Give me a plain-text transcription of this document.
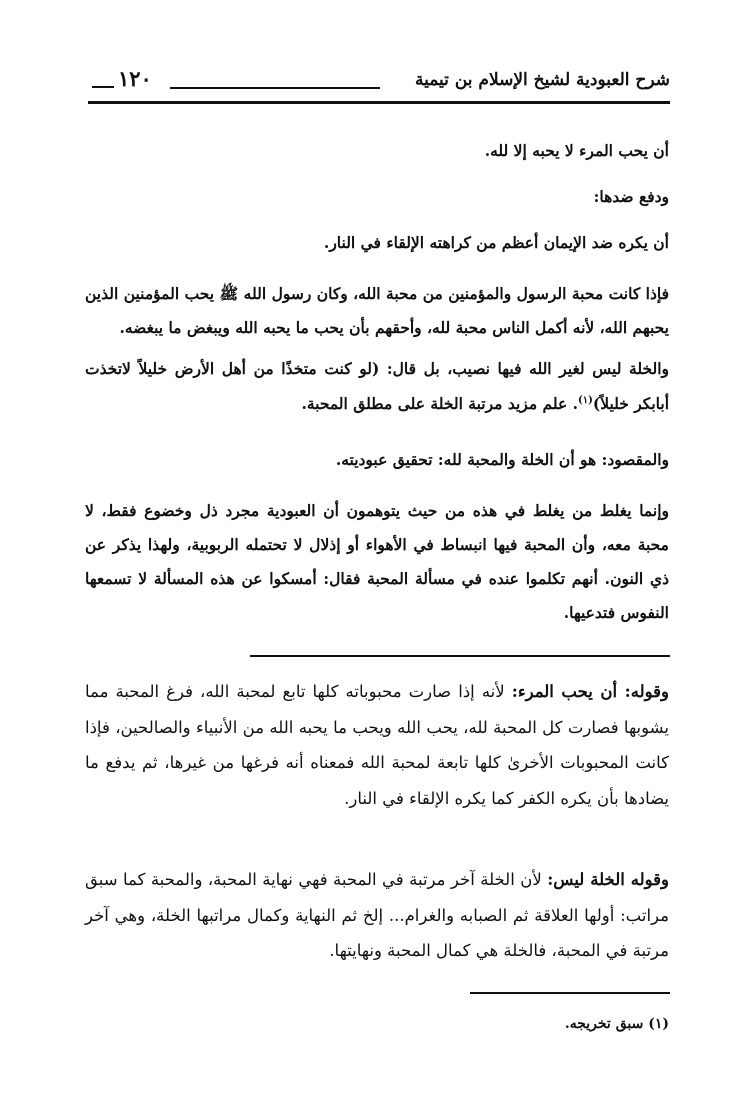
شرح العبودية لشيخ الإسلام بن تيمية
١٢٠

أن يحب المرء لا يحبه إلا لله.

ودفع ضدها:

أن يكره ضد الإيمان أعظم من كراهته الإلقاء في النار.

فإذا كانت محبة الرسول والمؤمنين من محبة الله، وكان رسول الله ﷺ يحب المؤمنين الذين يحبهم الله، لأنه أكمل الناس محبة لله، وأحقهم بأن يحب ما يحبه الله ويبغض ما يبغضه.

والخلة ليس لغير الله فيها نصيب، بل قال: (لو كنت متخذًا من أهل الأرض خليلاً لاتخذت أبابكر خليلاً)$^{(١)}$. علم مزيد مرتبة الخلة على مطلق المحبة.

والمقصود: هو أن الخلة والمحبة لله: تحقيق عبوديته.

وإنما يغلط من يغلط في هذه من حيث يتوهمون أن العبودية مجرد ذل وخضوع فقط، لا محبة معه، وأن المحبة فيها انبساط في الأهواء أو إذلال لا تحتمله الربوبية، ولهذا يذكر عن ذي النون. أنهم تكلموا عنده في مسألة المحبة فقال: أمسكوا عن هذه المسألة لا تسمعها النفوس فتدعيها.

وقوله: أن يحب المرء: لأنه إذا صارت محبوباته كلها تابع لمحبة الله، فرغ المحبة مما يشوبها فصارت كل المحبة لله، يحب الله ويحب ما يحبه الله من الأنبياء والصالحين، فإذا كانت المحبوبات الأخرىٰ كلها تابعة لمحبة الله فمعناه أنه فرغها من غيرها، ثم يدفع ما يضادها بأن يكره الكفر كما يكره الإلقاء في النار.

وقوله الخلة ليس: لأن الخلة آخر مرتبة في المحبة فهي نهاية المحبة، والمحبة كما سبق مراتب: أولها العلاقة ثم الصبابه والغرام... إلخ ثم النهاية وكمال مراتبها الخلة، وهي آخر مرتبة في المحبة، فالخلة هي كمال المحبة ونهايتها.

(١) سبق تخريجه.
